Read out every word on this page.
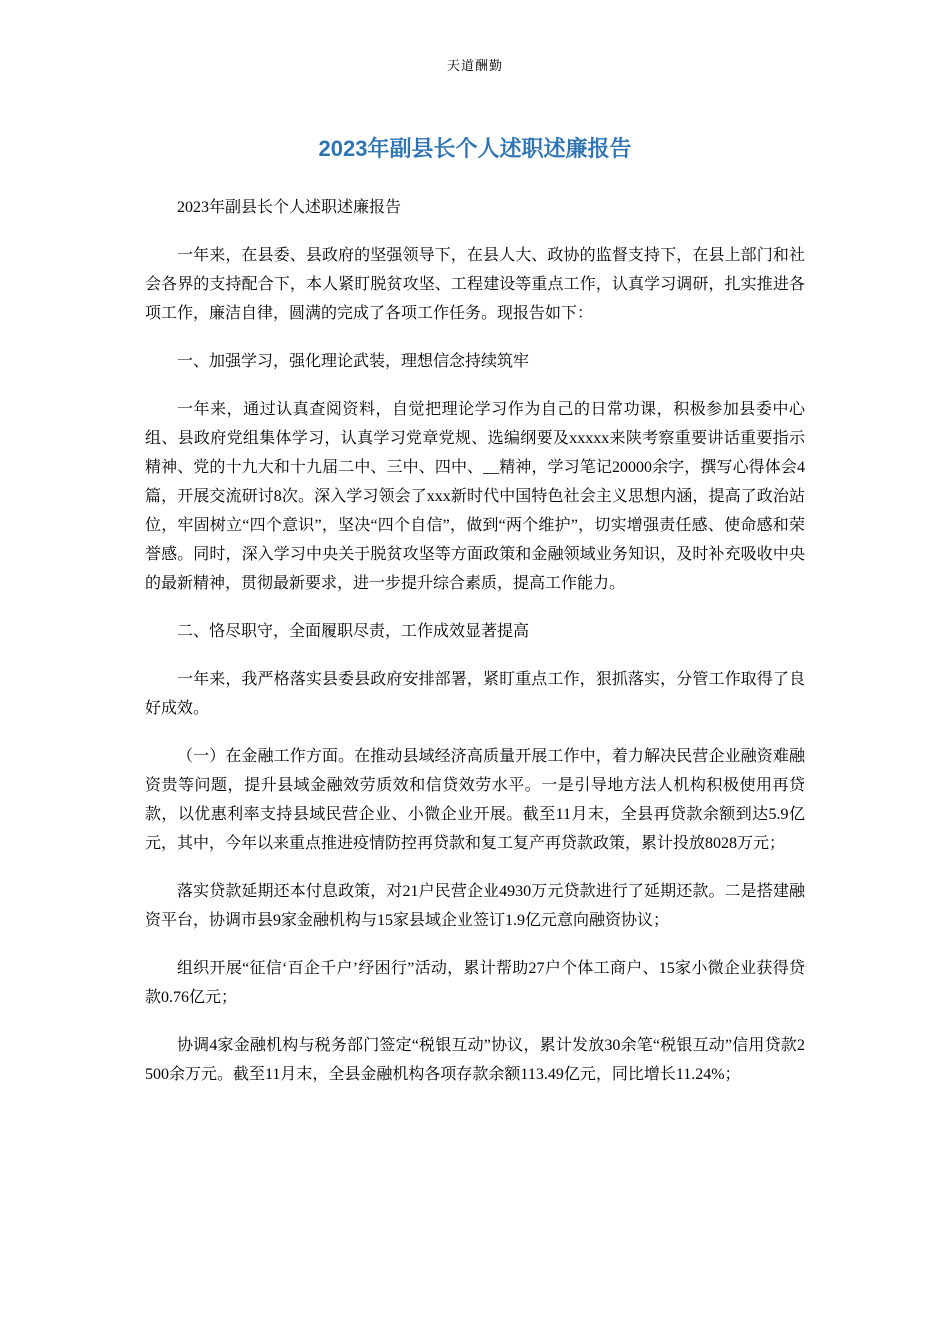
天道酬勤
2023年副县长个人述职述廉报告

2023年副县长个人述职述廉报告

一年来，在县委、县政府的坚强领导下，在县人大、政协的监督支持下，在县上部门和社会各界的支持配合下，本人紧盯脱贫攻坚、工程建设等重点工作，认真学习调研，扎实推进各项工作，廉洁自律，圆满的完成了各项工作任务。现报告如下：

一、加强学习，强化理论武装，理想信念持续筑牢

一年来，通过认真查阅资料，自觉把理论学习作为自己的日常功课，积极参加县委中心组、县政府党组集体学习，认真学习党章党规、选编纲要及xxxxx来陕考察重要讲话重要指示精神、党的十九大和十九届二中、三中、四中、__精神，学习笔记20000余字，撰写心得体会4篇，开展交流研讨8次。深入学习领会了xxx新时代中国特色社会主义思想内涵，提高了政治站位，牢固树立“四个意识”，坚决“四个自信”，做到“两个维护”，切实增强责任感、使命感和荣誉感。同时，深入学习中央关于脱贫攻坚等方面政策和金融领域业务知识，及时补充吸收中央的最新精神，贯彻最新要求，进一步提升综合素质，提高工作能力。

二、恪尽职守，全面履职尽责，工作成效显著提高

一年来，我严格落实县委县政府安排部署，紧盯重点工作，狠抓落实，分管工作取得了良好成效。

（一）在金融工作方面。在推动县域经济高质量开展工作中，着力解决民营企业融资难融资贵等问题，提升县域金融效劳质效和信贷效劳水平。一是引导地方法人机构积极使用再贷款，以优惠利率支持县域民营企业、小微企业开展。截至11月末，全县再贷款余额到达5.9亿元，其中，今年以来重点推进疫情防控再贷款和复工复产再贷款政策，累计投放8028万元；

落实贷款延期还本付息政策，对21户民营企业4930万元贷款进行了延期还款。二是搭建融资平台，协调市县9家金融机构与15家县域企业签订1.9亿元意向融资协议；

组织开展“征信‘百企千户’纾困行”活动，累计帮助27户个体工商户、15家小微企业获得贷款0.76亿元；

协调4家金融机构与税务部门签定“税银互动”协议，累计发放30余笔“税银互动”信用贷款2500余万元。截至11月末，全县金融机构各项存款余额113.49亿元，同比增长11.24%；
